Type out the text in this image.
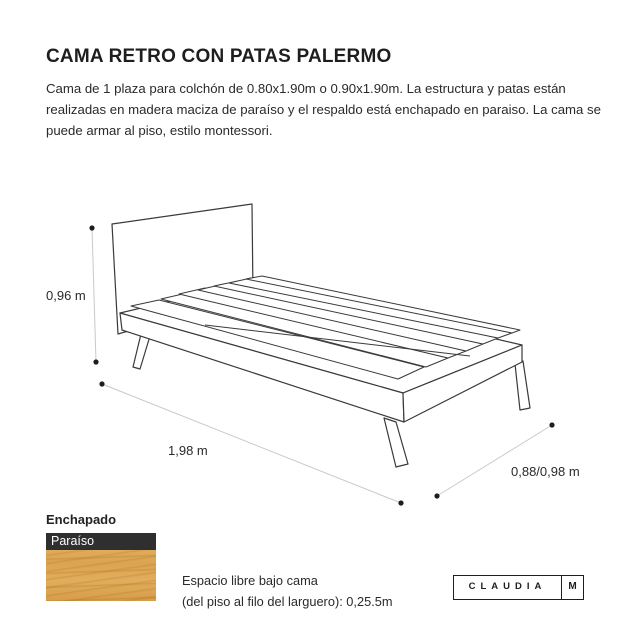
CAMA RETRO CON PATAS PALERMO
Cama de 1 plaza para colchón de 0.80x1.90m o 0.90x1.90m. La estructura y patas están realizadas en madera maciza de paraíso y el respaldo está enchapado en paraiso. La cama se puede armar al piso, estilo montessori.
0,96 m
1,98 m
0,88/0,98 m
Enchapado
Paraíso
Espacio libre bajo cama
(del piso al filo del larguero): 0,25.5m
CLAUDIA	M
